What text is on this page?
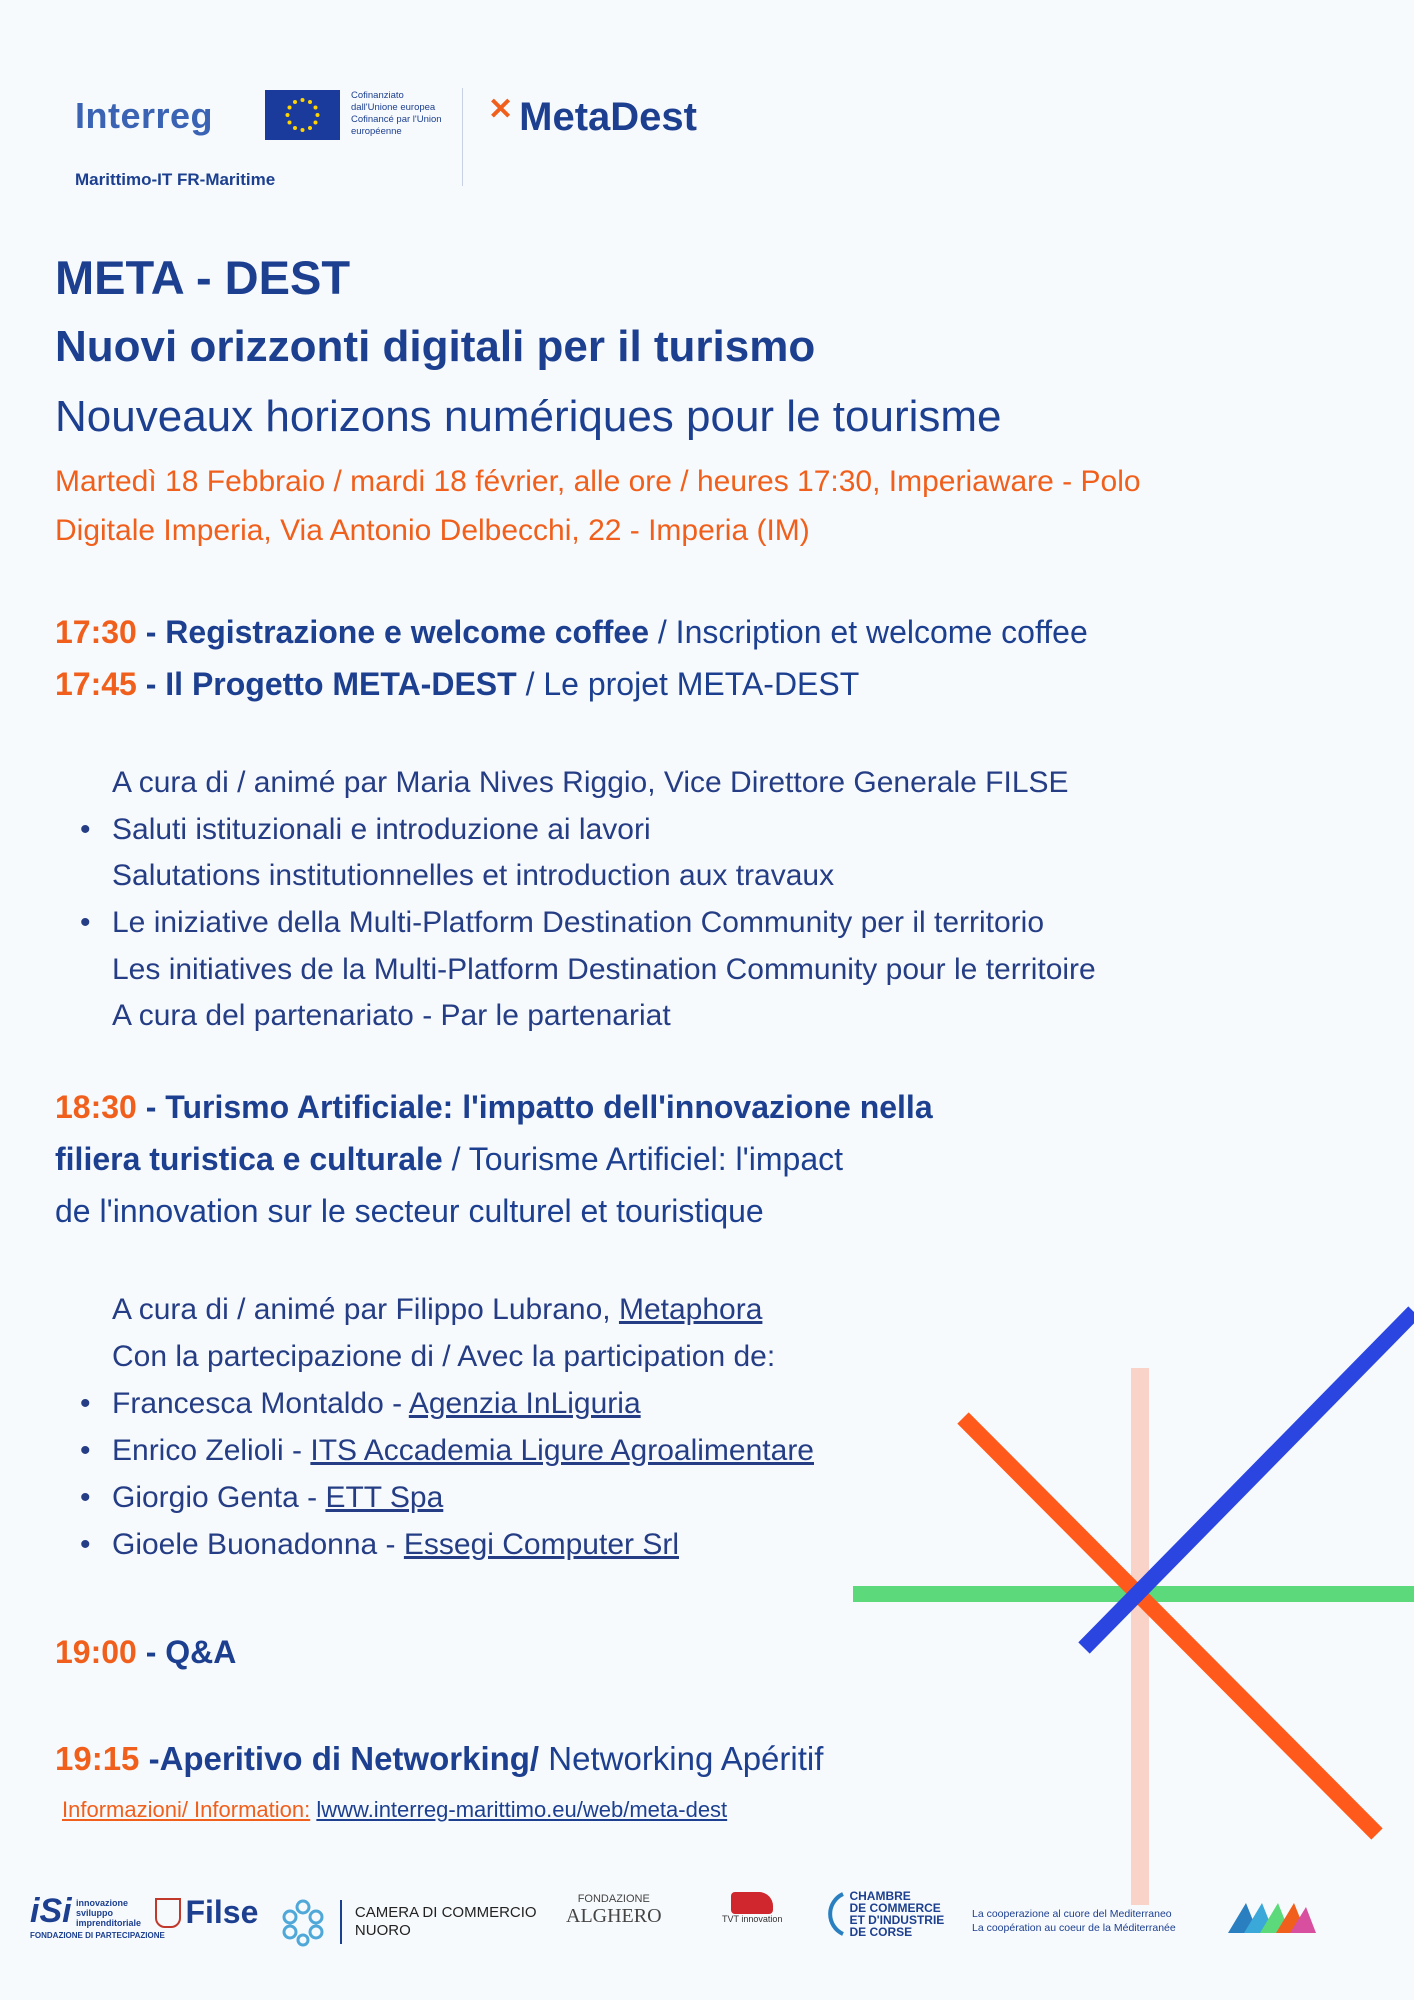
Interreg	Cofinanziato dall'Unione europea
Cofinancé par l'Union européenne
Marittimo-IT FR-Maritime
✕ MetaDest
META - DEST
Nuovi orizzonti digitali per il turismo
Nouveaux horizons numériques pour le tourisme
Martedì 18 Febbraio / mardi 18 février, alle ore / heures 17:30, Imperiaware - Polo
Digitale Imperia, Via Antonio Delbecchi, 22 - Imperia (IM)
17:30 - Registrazione e welcome coffee / Inscription et welcome coffee
17:45 - Il Progetto META-DEST / Le projet META-DEST
A cura di / animé par Maria Nives Riggio, Vice Direttore Generale FILSE
• Saluti istituzionali e introduzione ai lavori
Salutations institutionnelles et introduction aux travaux
• Le iniziative della Multi-Platform Destination Community per il territorio
Les initiatives de la Multi-Platform Destination Community pour le territoire
A cura del partenariato - Par le partenariat
18:30 - Turismo Artificiale: l'impatto dell'innovazione nella
filiera turistica e culturale / Tourisme Artificiel: l'impact
de l'innovation sur le secteur culturel et touristique
A cura di / animé par Filippo Lubrano, Metaphora
Con la partecipazione di / Avec la participation de:
• Francesca Montaldo - Agenzia InLiguria
• Enrico Zelioli - ITS Accademia Ligure Agroalimentare
• Giorgio Genta - ETT Spa
• Gioele Buonadonna - Essegi Computer Srl
19:00 - Q&A
19:15 -Aperitivo di Networking/ Networking Apéritif
Informazioni/ Information: lwww.interreg-marittimo.eu/web/meta-dest
iSi innovazione sviluppo imprenditoriale
FONDAZIONE DI PARTECIPAZIONE
Filse	CAMERA DI COMMERCIO
NUORO
FONDAZIONE
ALGHERO	TVT innovation
CHAMBRE
DE COMMERCE
ET D'INDUSTRIE
DE CORSE
La cooperazione al cuore del Mediterraneo
La coopération au coeur de la Méditerranée
